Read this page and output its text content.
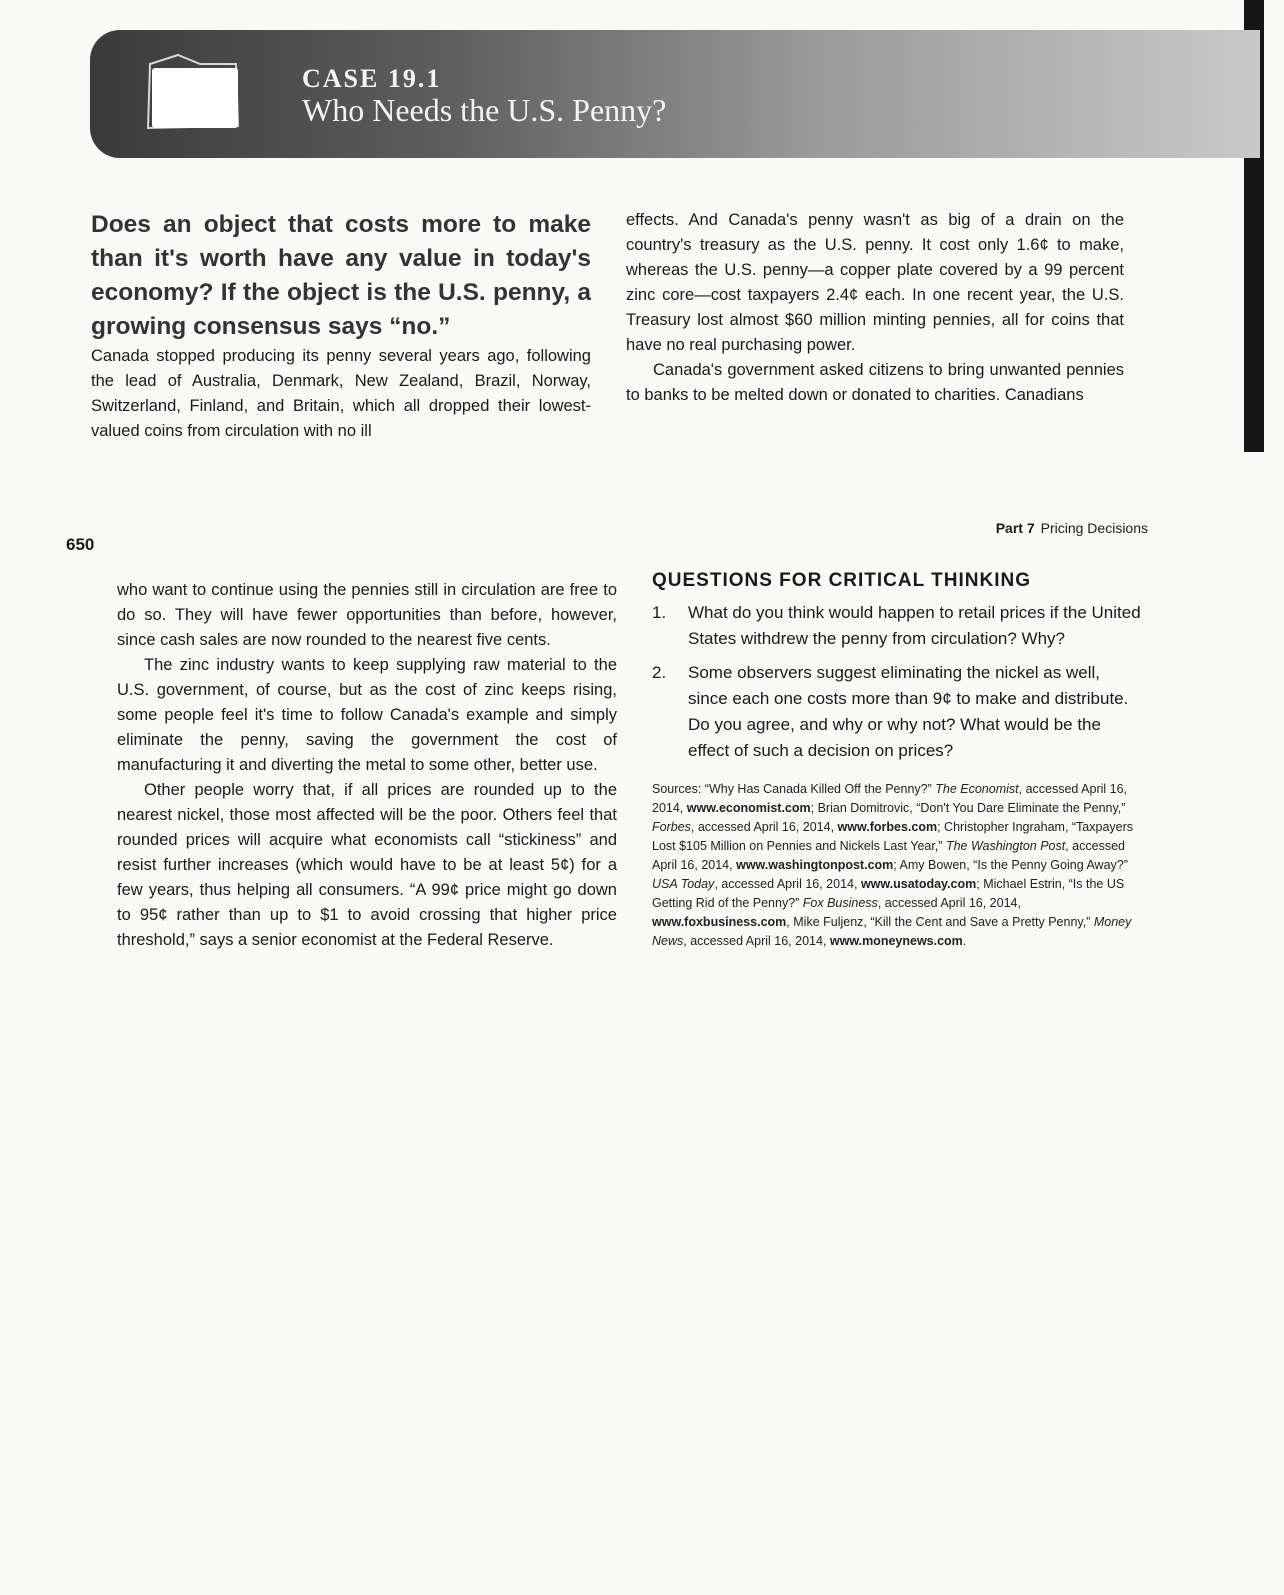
CASE 19.1
Who Needs the U.S. Penny?

Does an object that costs more to make than it's worth have any value in today's economy? If the object is the U.S. penny, a growing consensus says “no.”
Canada stopped producing its penny several years ago, following the lead of Australia, Denmark, New Zealand, Brazil, Norway, Switzerland, Finland, and Britain, which all dropped their lowest-valued coins from circulation with no ill

effects. And Canada's penny wasn't as big of a drain on the country's treasury as the U.S. penny. It cost only 1.6¢ to make, whereas the U.S. penny—a copper plate covered by a 99 percent zinc core—cost taxpayers 2.4¢ each. In one recent year, the U.S. Treasury lost almost $60 million minting pennies, all for coins that have no real purchasing power.

Canada's government asked citizens to bring unwanted pennies to banks to be melted down or donated to charities. Canadians

650

Part 7 Pricing Decisions

who want to continue using the pennies still in circulation are free to do so. They will have fewer opportunities than before, however, since cash sales are now rounded to the nearest five cents.

The zinc industry wants to keep supplying raw material to the U.S. government, of course, but as the cost of zinc keeps rising, some people feel it's time to follow Canada's example and simply eliminate the penny, saving the government the cost of manufacturing it and diverting the metal to some other, better use.

Other people worry that, if all prices are rounded up to the nearest nickel, those most affected will be the poor. Others feel that rounded prices will acquire what economists call “stickiness” and resist further increases (which would have to be at least 5¢) for a few years, thus helping all consumers. “A 99¢ price might go down to 95¢ rather than up to $1 to avoid crossing that higher price threshold,” says a senior economist at the Federal Reserve.

QUESTIONS FOR CRITICAL THINKING
1.	What do you think would happen to retail prices if the United States withdrew the penny from circulation? Why?
2.	Some observers suggest eliminating the nickel as well, since each one costs more than 9¢ to make and distribute. Do you agree, and why or why not? What would be the effect of such a decision on prices?

Sources: “Why Has Canada Killed Off the Penny?” The Economist, accessed April 16, 2014, www.economist.com; Brian Domitrovic, “Don't You Dare Eliminate the Penny,” Forbes, accessed April 16, 2014, www.forbes.com; Christopher Ingraham, “Taxpayers Lost $105 Million on Pennies and Nickels Last Year,” The Washington Post, accessed April 16, 2014, www.washingtonpost.com; Amy Bowen, “Is the Penny Going Away?” USA Today, accessed April 16, 2014, www.usatoday.com; Michael Estrin, “Is the US Getting Rid of the Penny?” Fox Business, accessed April 16, 2014, www.foxbusiness.com, Mike Fuljenz, “Kill the Cent and Save a Pretty Penny,” Money News, accessed April 16, 2014, www.moneynews.com.
